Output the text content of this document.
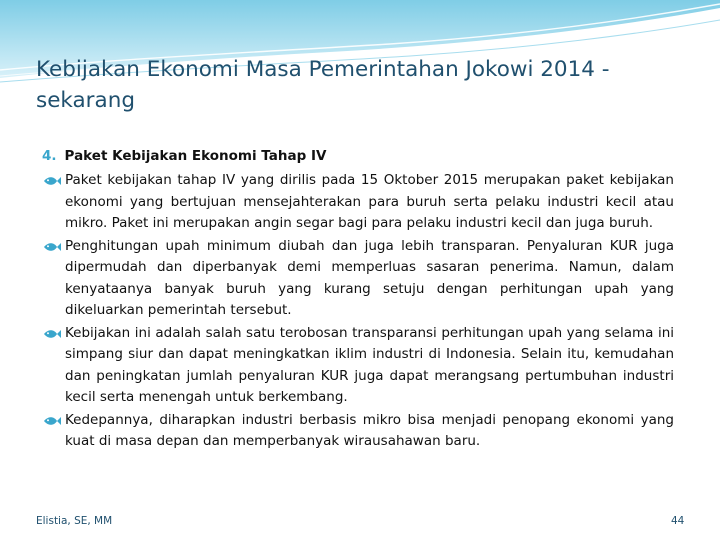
Kebijakan Ekonomi Masa Pemerintahan Jokowi 2014 - sekarang
4. Paket Kebijakan Ekonomi Tahap IV
Paket kebijakan tahap IV yang dirilis pada 15 Oktober 2015 merupakan paket kebijakan ekonomi yang bertujuan mensejahterakan para buruh serta pelaku industri kecil atau mikro. Paket ini merupakan angin segar bagi para pelaku industri kecil dan juga buruh.
Penghitungan upah minimum diubah dan juga lebih transparan. Penyaluran KUR juga dipermudah dan diperbanyak demi memperluas sasaran penerima. Namun, dalam kenyataanya banyak buruh yang kurang setuju dengan perhitungan upah yang dikeluarkan pemerintah tersebut.
Kebijakan ini adalah salah satu terobosan transparansi perhitungan upah yang selama ini simpang siur dan dapat meningkatkan iklim industri di Indonesia. Selain itu, kemudahan dan peningkatan jumlah penyaluran KUR juga dapat merangsang pertumbuhan industri kecil serta menengah untuk berkembang.
Kedepannya, diharapkan industri berbasis mikro bisa menjadi penopang ekonomi yang kuat di masa depan dan memperbanyak wirausahawan baru.
Elistia, SE, MM	44
